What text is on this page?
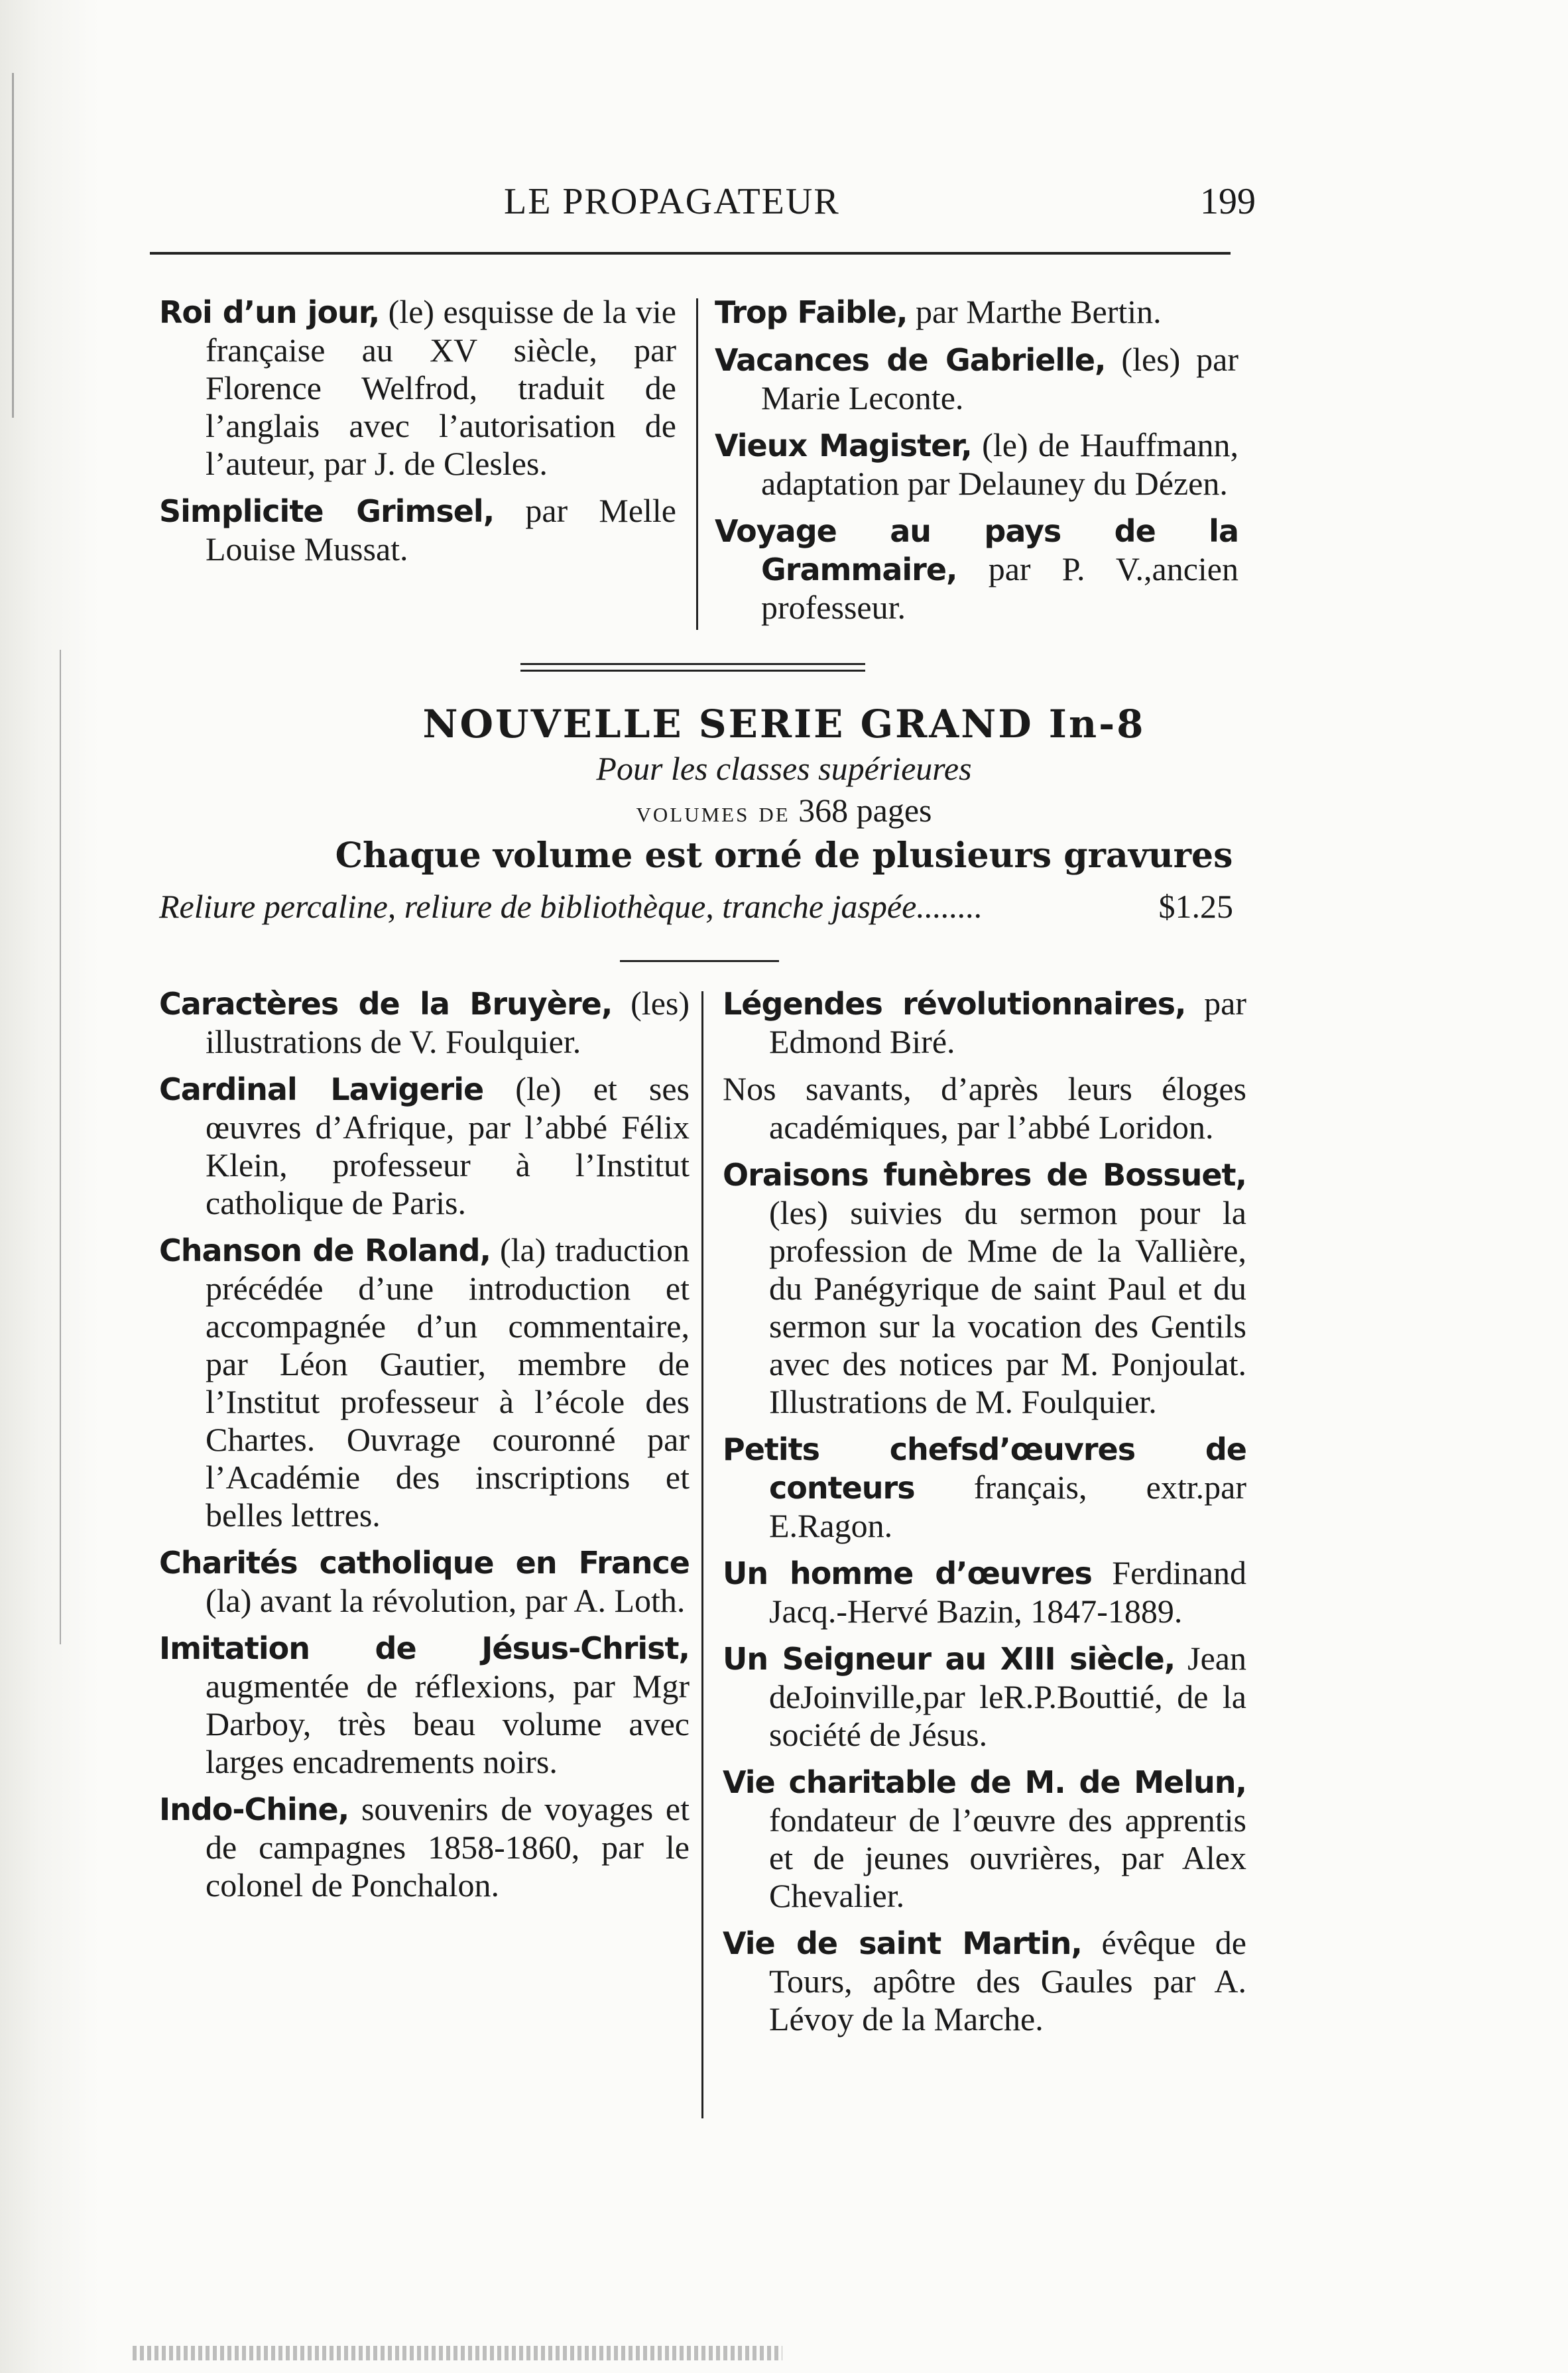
LE PROPAGATEUR	199

Roi d’un jour, (le) esquisse de la vie française au XV siècle, par Florence Welfrod, traduit de l’anglais avec l’autorisation de l’auteur, par J. de Clesles.

Simplicite Grimsel, par Melle Louise Mussat.

Trop Faible, par Marthe Bertin.

Vacances de Gabrielle, (les) par Marie Leconte.

Vieux Magister, (le) de Hauffmann, adaptation par Delauney du Dézen.

Voyage au pays de la Grammaire, par P. V.,ancien professeur.

NOUVELLE SERIE GRAND In-8
Pour les classes supérieures
volumes de 368 pages
Chaque volume est orné de plusieurs gravures
Reliure percaline, reliure de bibliothèque, tranche jaspée........	$1.25

Caractères de la Bruyère, (les) illustrations de V. Foulquier.

Cardinal Lavigerie (le) et ses œuvres d’Afrique, par l’abbé Félix Klein, professeur à l’Institut catholique de Paris.

Chanson de Roland, (la) traduction précédée d’une introduction et accompagnée d’un commentaire, par Léon Gautier, membre de l’Institut professeur à l’école des Chartes. Ouvrage couronné par l’Académie des inscriptions et belles lettres.

Charités catholique en France (la) avant la révolution, par A. Loth.

Imitation de Jésus-Christ, augmentée de réflexions, par Mgr Darboy, très beau volume avec larges encadrements noirs.

Indo-Chine, souvenirs de voyages et de campagnes 1858-1860, par le colonel de Ponchalon.

Légendes révolutionnaires, par Edmond Biré.

Nos savants, d’après leurs éloges académiques, par l’abbé Loridon.

Oraisons funèbres de Bossuet, (les) suivies du sermon pour la profession de Mme de la Vallière, du Panégyrique de saint Paul et du sermon sur la vocation des Gentils avec des notices par M. Ponjoulat. Illustrations de M. Foulquier.

Petits chefsd’œuvres de conteurs français, extr.par E.Ragon.

Un homme d’œuvres Ferdinand Jacq.-Hervé Bazin, 1847-1889.

Un Seigneur au XIII siècle, Jean deJoinville,par leR.P.Bouttié, de la société de Jésus.

Vie charitable de M. de Melun, fondateur de l’œuvre des apprentis et de jeunes ouvrières, par Alex Chevalier.

Vie de saint Martin, évêque de Tours, apôtre des Gaules par A. Lévoy de la Marche.
